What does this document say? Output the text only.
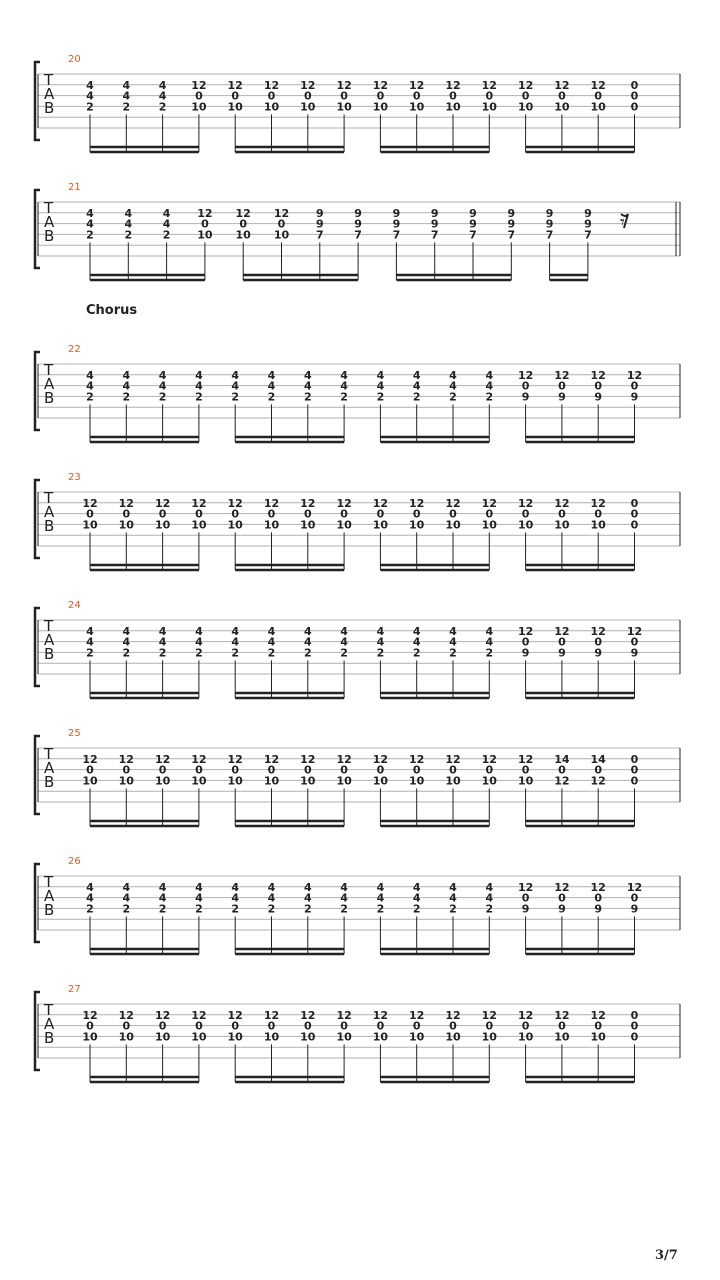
20
T
A
B
4
4
2
4
4
2
4
4
2
12
0
10
12
0
10
12
0
10
12
0
10
12
0
10
12
0
10
12
0
10
12
0
10
12
0
10
12
0
10
12
0
10
12
0
10
0
0
0
21
T
A
B
4
4
2
4
4
2
4
4
2
12
0
10
12
0
10
12
0
10
9
9
7
9
9
7
9
9
7
9
9
7
9
9
7
9
9
7
9
9
7
9
9
7
𝄾
22
Chorus
T
A
B
4
4
2
4
4
2
4
4
2
4
4
2
4
4
2
4
4
2
4
4
2
4
4
2
4
4
2
4
4
2
4
4
2
4
4
2
12
0
9
12
0
9
12
0
9
12
0
9
23
T
A
B
12
0
10
12
0
10
12
0
10
12
0
10
12
0
10
12
0
10
12
0
10
12
0
10
12
0
10
12
0
10
12
0
10
12
0
10
12
0
10
12
0
10
12
0
10
0
0
0
24
T
A
B
4
4
2
4
4
2
4
4
2
4
4
2
4
4
2
4
4
2
4
4
2
4
4
2
4
4
2
4
4
2
4
4
2
4
4
2
12
0
9
12
0
9
12
0
9
12
0
9
25
T
A
B
12
0
10
12
0
10
12
0
10
12
0
10
12
0
10
12
0
10
12
0
10
12
0
10
12
0
10
12
0
10
12
0
10
12
0
10
12
0
10
14
0
12
14
0
12
0
0
0
26
T
A
B
4
4
2
4
4
2
4
4
2
4
4
2
4
4
2
4
4
2
4
4
2
4
4
2
4
4
2
4
4
2
4
4
2
4
4
2
12
0
9
12
0
9
12
0
9
12
0
9
27
T
A
B
12
0
10
12
0
10
12
0
10
12
0
10
12
0
10
12
0
10
12
0
10
12
0
10
12
0
10
12
0
10
12
0
10
12
0
10
12
0
10
12
0
10
12
0
10
0
0
0
3/7
